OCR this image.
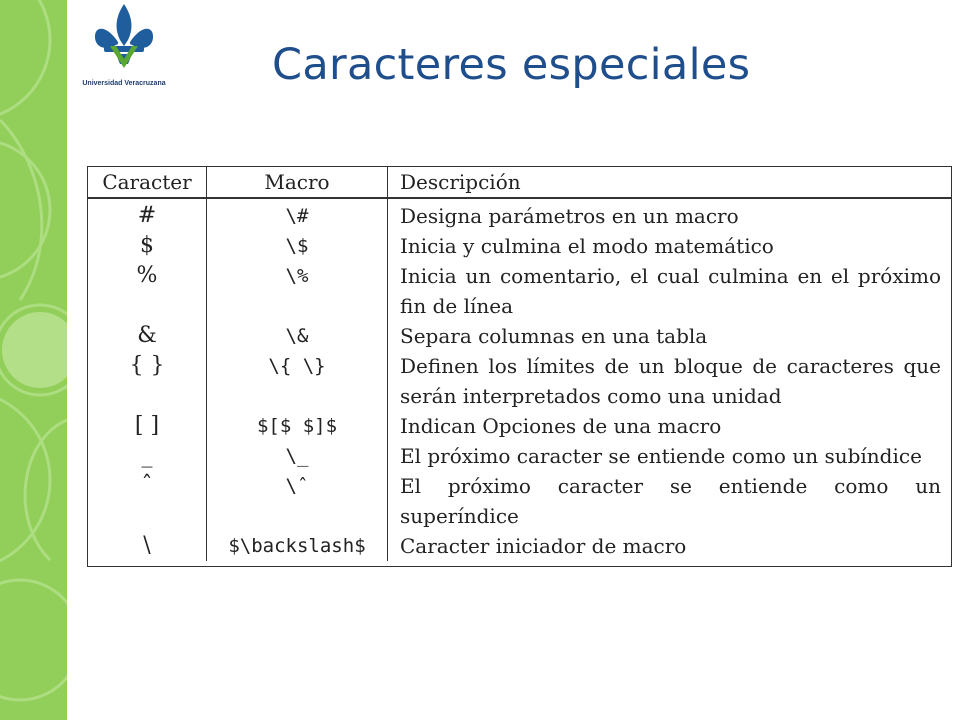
Universidad Veracruzana Caracteres especiales
Caracter	Macro	Descripción
#	\#	Designa parámetros en un macro
$	\$	Inicia y culmina el modo matemático
%	\%	Inicia un comentario, el cual culmina en el próximo fin de línea
&	\&	Separa columnas en una tabla
{ }	\{ \}	Definen los límites de un bloque de caracteres que serán interpretados como una unidad
[ ]	$[$ $]$	Indican Opciones de una macro
_	\_	El próximo caracter se entiende como un subíndice
ˆ	\ˆ	El próximo caracter se entiende como un superíndice
\	$\backslash$	Caracter iniciador de macro
